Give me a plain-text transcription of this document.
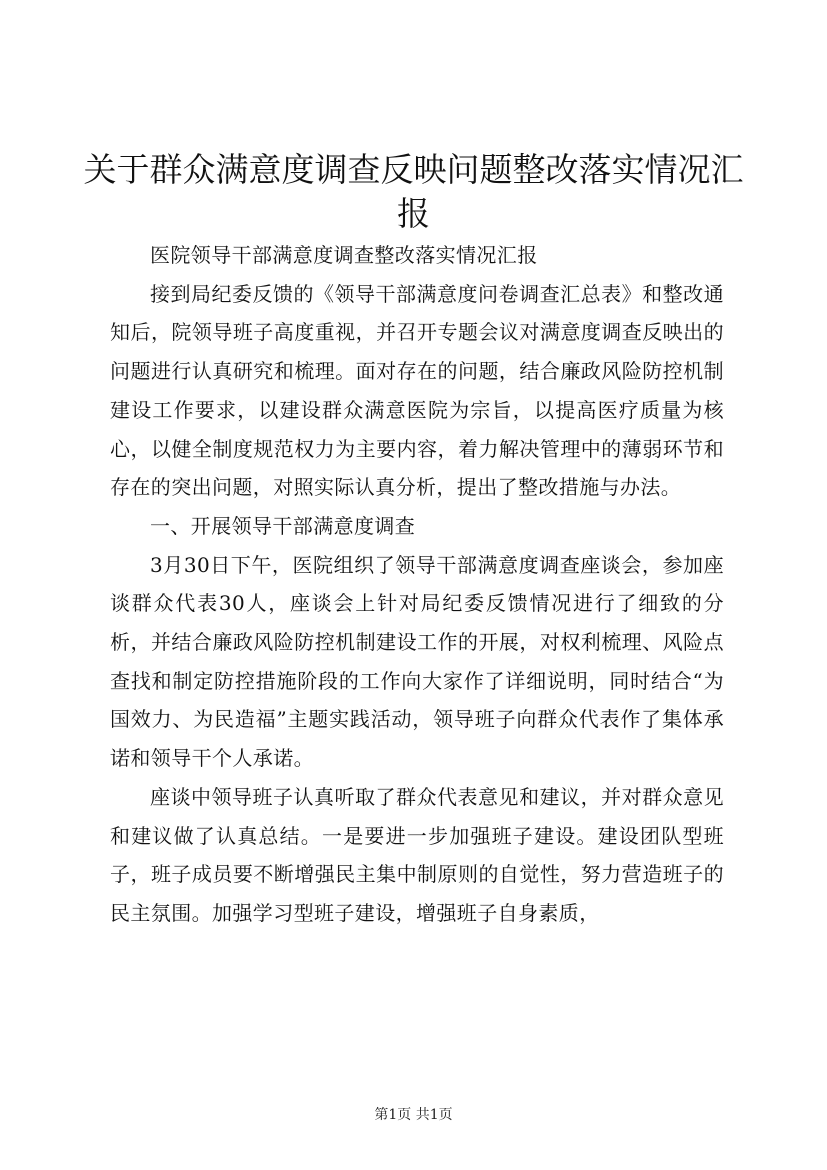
关于群众满意度调查反映问题整改落实情况汇报

医院领导干部满意度调查整改落实情况汇报

接到局纪委反馈的《领导干部满意度问卷调查汇总表》和整改通知后，院领导班子高度重视，并召开专题会议对满意度调查反映出的问题进行认真研究和梳理。面对存在的问题，结合廉政风险防控机制建设工作要求，以建设群众满意医院为宗旨，以提高医疗质量为核心，以健全制度规范权力为主要内容，着力解决管理中的薄弱环节和存在的突出问题，对照实际认真分析，提出了整改措施与办法。

一、开展领导干部满意度调查

3月30日下午，医院组织了领导干部满意度调查座谈会，参加座谈群众代表30人，座谈会上针对局纪委反馈情况进行了细致的分析，并结合廉政风险防控机制建设工作的开展，对权利梳理、风险点查找和制定防控措施阶段的工作向大家作了详细说明，同时结合“为国效力、为民造福”主题实践活动，领导班子向群众代表作了集体承诺和领导干个人承诺。

座谈中领导班子认真听取了群众代表意见和建议，并对群众意见和建议做了认真总结。一是要进一步加强班子建设。建设团队型班子，班子成员要不断增强民主集中制原则的自觉性，努力营造班子的民主氛围。加强学习型班子建设，增强班子自身素质，

第1页 共1页
